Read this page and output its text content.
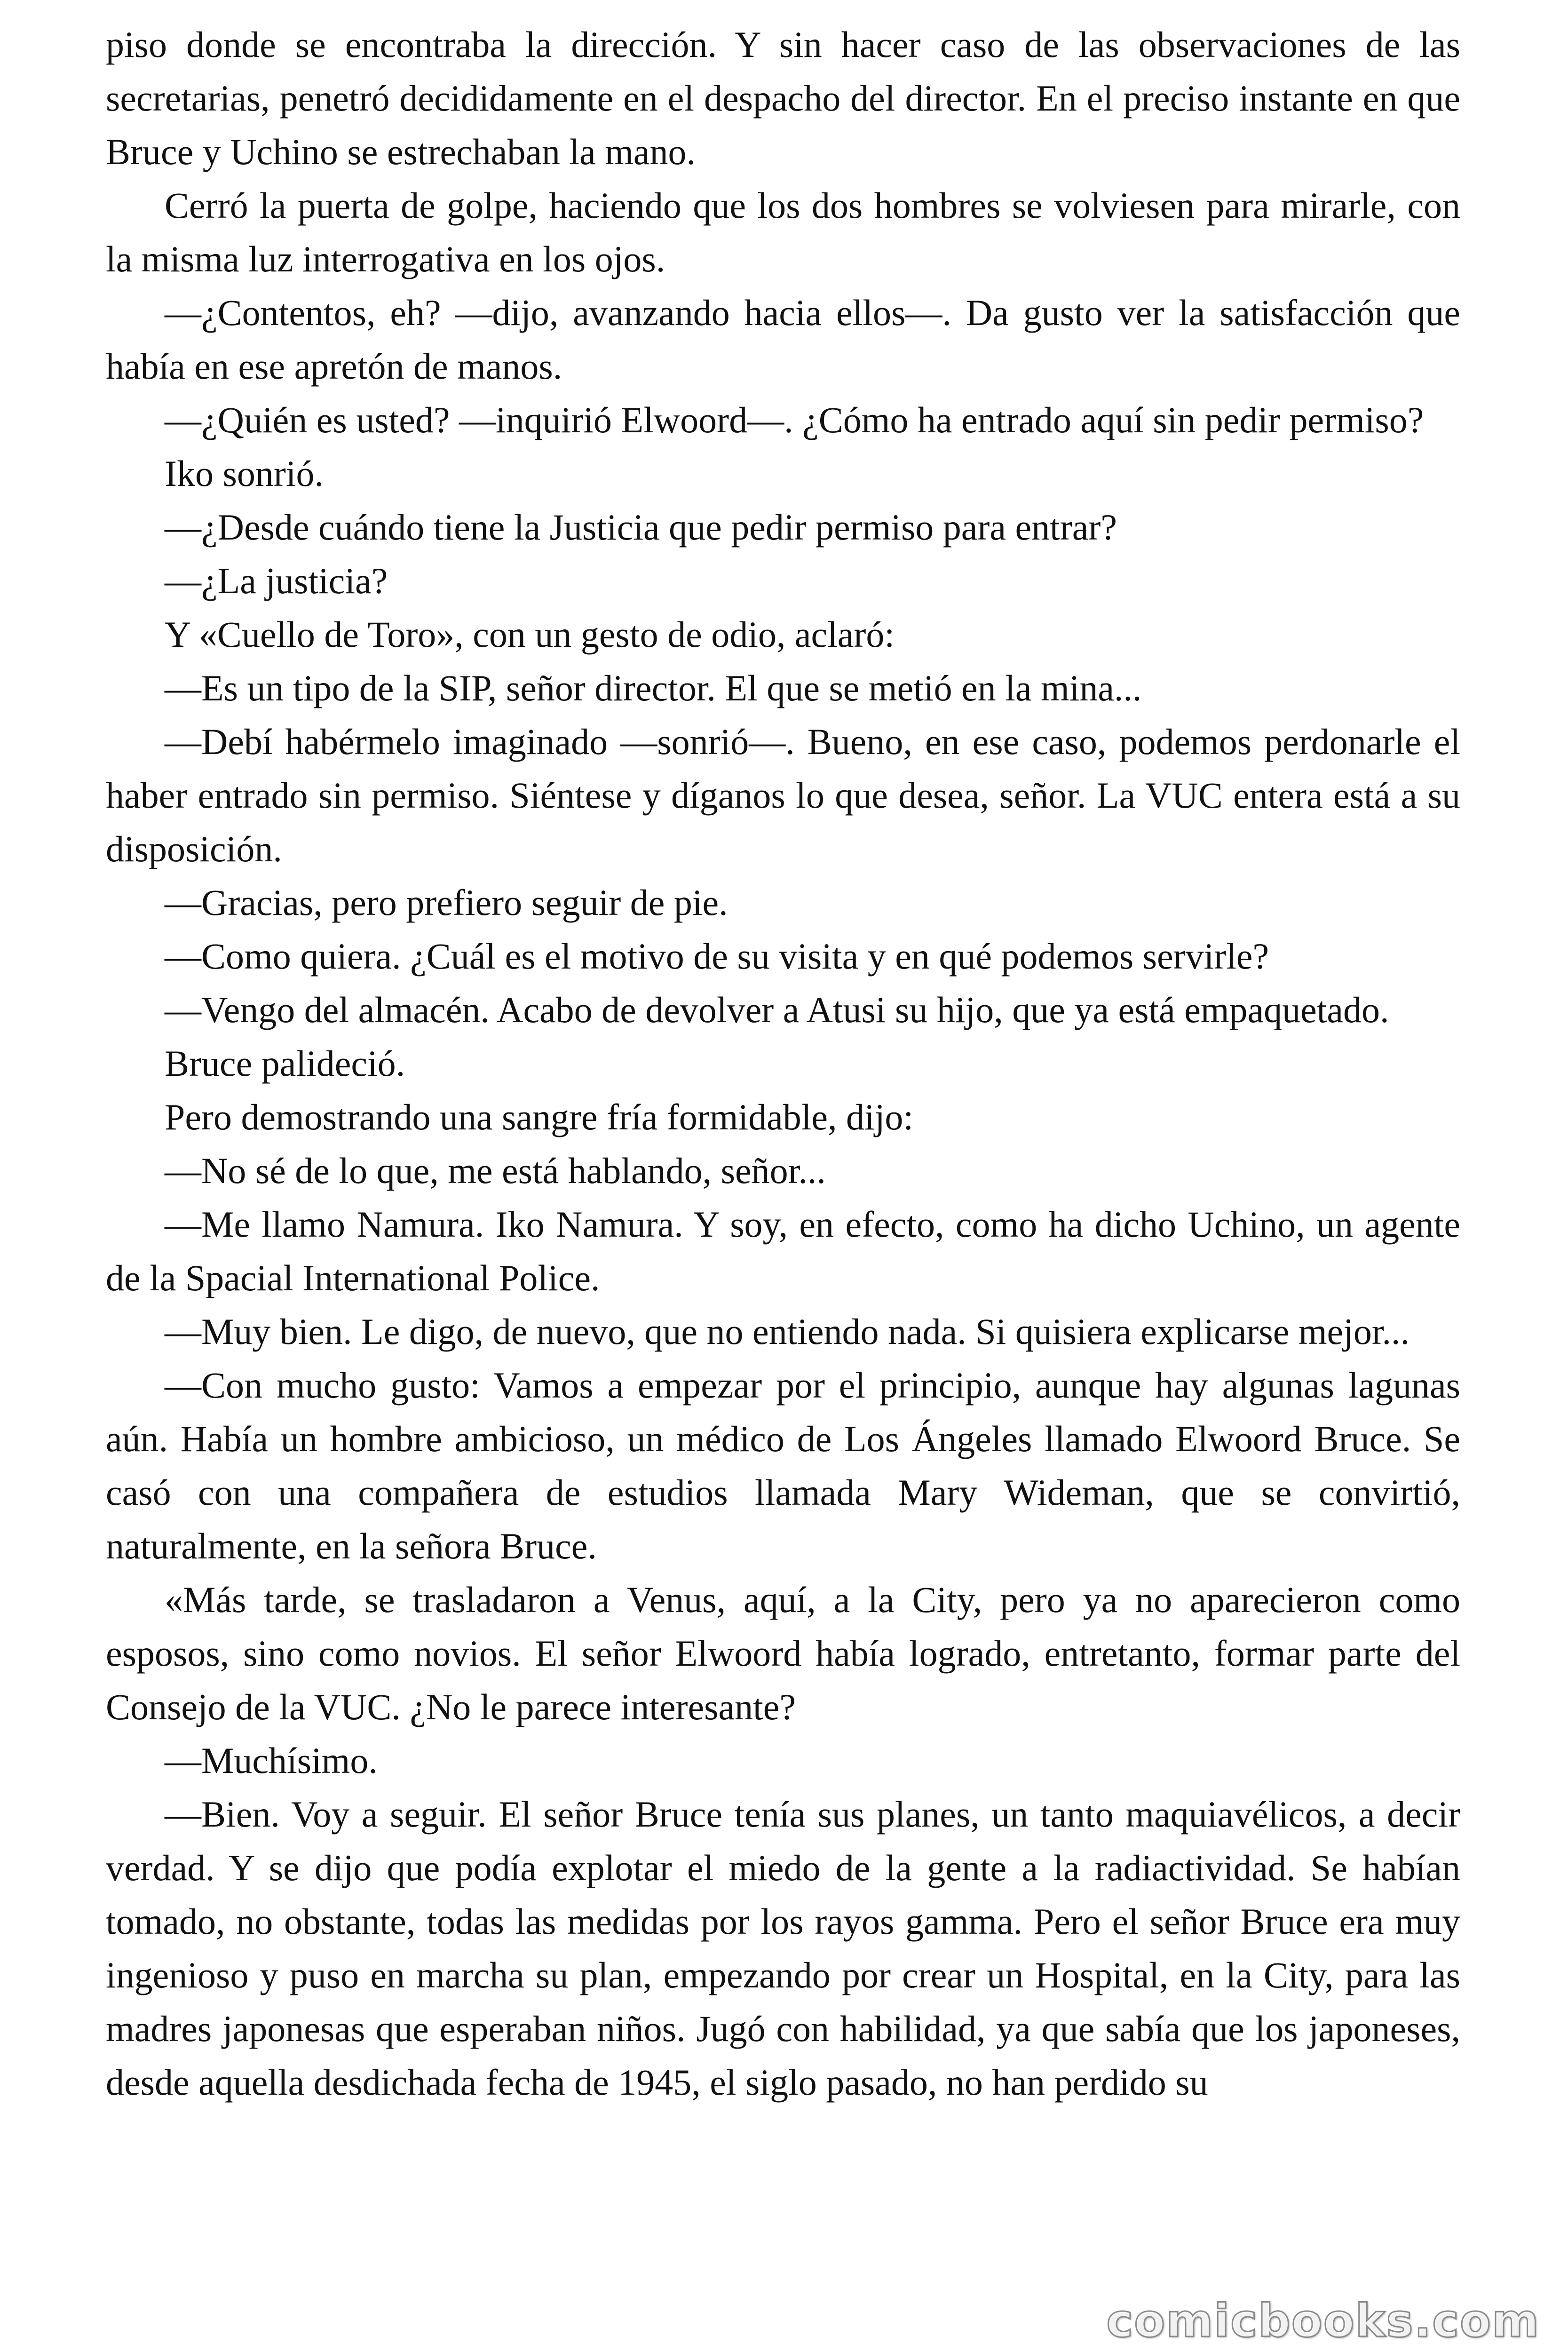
piso donde se encontraba la dirección. Y sin hacer caso de las observaciones de las secretarias, penetró decididamente en el despacho del director. En el preciso instante en que Bruce y Uchino se estrechaban la mano.

Cerró la puerta de golpe, haciendo que los dos hombres se volviesen para mirarle, con la misma luz interrogativa en los ojos.

—¿Contentos, eh? —dijo, avanzando hacia ellos—. Da gusto ver la satisfacción que había en ese apretón de manos.

—¿Quién es usted? —inquirió Elwoord—. ¿Cómo ha entrado aquí sin pedir permiso?

Iko sonrió.

—¿Desde cuándo tiene la Justicia que pedir permiso para entrar?

—¿La justicia?

Y «Cuello de Toro», con un gesto de odio, aclaró:

—Es un tipo de la SIP, señor director. El que se metió en la mina...

—Debí habérmelo imaginado —sonrió—. Bueno, en ese caso, podemos perdonarle el haber entrado sin permiso. Siéntese y díganos lo que desea, señor. La VUC entera está a su disposición.

—Gracias, pero prefiero seguir de pie.

—Como quiera. ¿Cuál es el motivo de su visita y en qué podemos servirle?

—Vengo del almacén. Acabo de devolver a Atusi su hijo, que ya está empaquetado.

Bruce palideció.

Pero demostrando una sangre fría formidable, dijo:

—No sé de lo que, me está hablando, señor...

—Me llamo Namura. Iko Namura. Y soy, en efecto, como ha dicho Uchino, un agente de la Spacial International Police.

—Muy bien. Le digo, de nuevo, que no entiendo nada. Si quisiera explicarse mejor...

—Con mucho gusto: Vamos a empezar por el principio, aunque hay algunas lagunas aún. Había un hombre ambicioso, un médico de Los Ángeles llamado Elwoord Bruce. Se casó con una compañera de estudios llamada Mary Wideman, que se convirtió, naturalmente, en la señora Bruce.

«Más tarde, se trasladaron a Venus, aquí, a la City, pero ya no aparecieron como esposos, sino como novios. El señor Elwoord había logrado, entretanto, formar parte del Consejo de la VUC. ¿No le parece interesante?

—Muchísimo.

—Bien. Voy a seguir. El señor Bruce tenía sus planes, un tanto maquiavélicos, a decir verdad. Y se dijo que podía explotar el miedo de la gente a la radiactividad. Se habían tomado, no obstante, todas las medidas por los rayos gamma. Pero el señor Bruce era muy ingenioso y puso en marcha su plan, empezando por crear un Hospital, en la City, para las madres japonesas que esperaban niños. Jugó con habilidad, ya que sabía que los japoneses, desde aquella desdichada fecha de 1945, el siglo pasado, no han perdido su

comicbooks.com
